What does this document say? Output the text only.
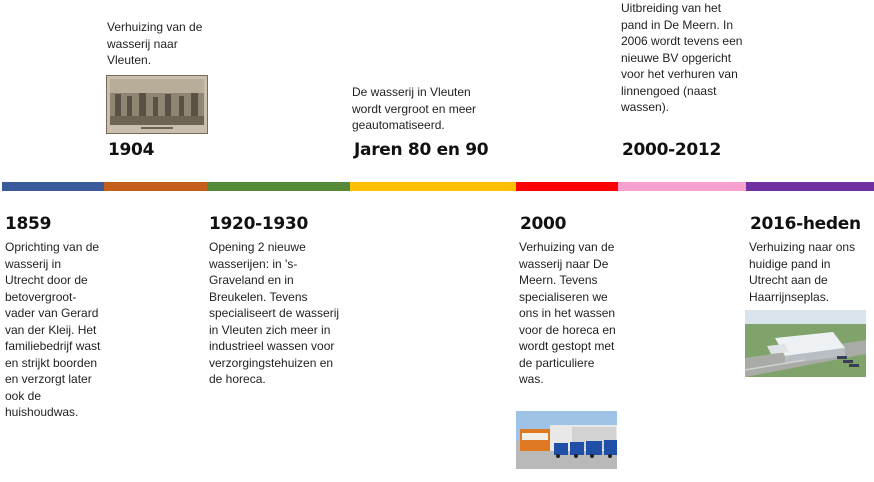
Verhuizing van de wasserij naar Vleuten.
1904
De wasserij in Vleuten wordt vergroot en meer geautomatiseerd.
Jaren 80 en 90
Uitbreiding van het pand in De Meern. In 2006 wordt tevens een nieuwe BV opgericht voor het verhuren van linnengoed (naast wassen).
2000-2012
1859
Oprichting van de wasserij in Utrecht door de betovergroot-vader van Gerard van der Kleij. Het familiebedrijf wast en strijkt boorden en verzorgt later ook de huishoudwas.
1920-1930
Opening 2 nieuwe wasserijen: in 's-Graveland en in Breukelen. Tevens specialiseert de wasserij in Vleuten zich meer in industrieel wassen voor verzorgingstehuizen en de horeca.
2000
Verhuizing van de wasserij naar De Meern. Tevens specialiseren we ons in het wassen voor de horeca en wordt gestopt met de particuliere was.
2016-heden
Verhuizing naar ons huidige pand in Utrecht aan de Haarrijnseplas.
